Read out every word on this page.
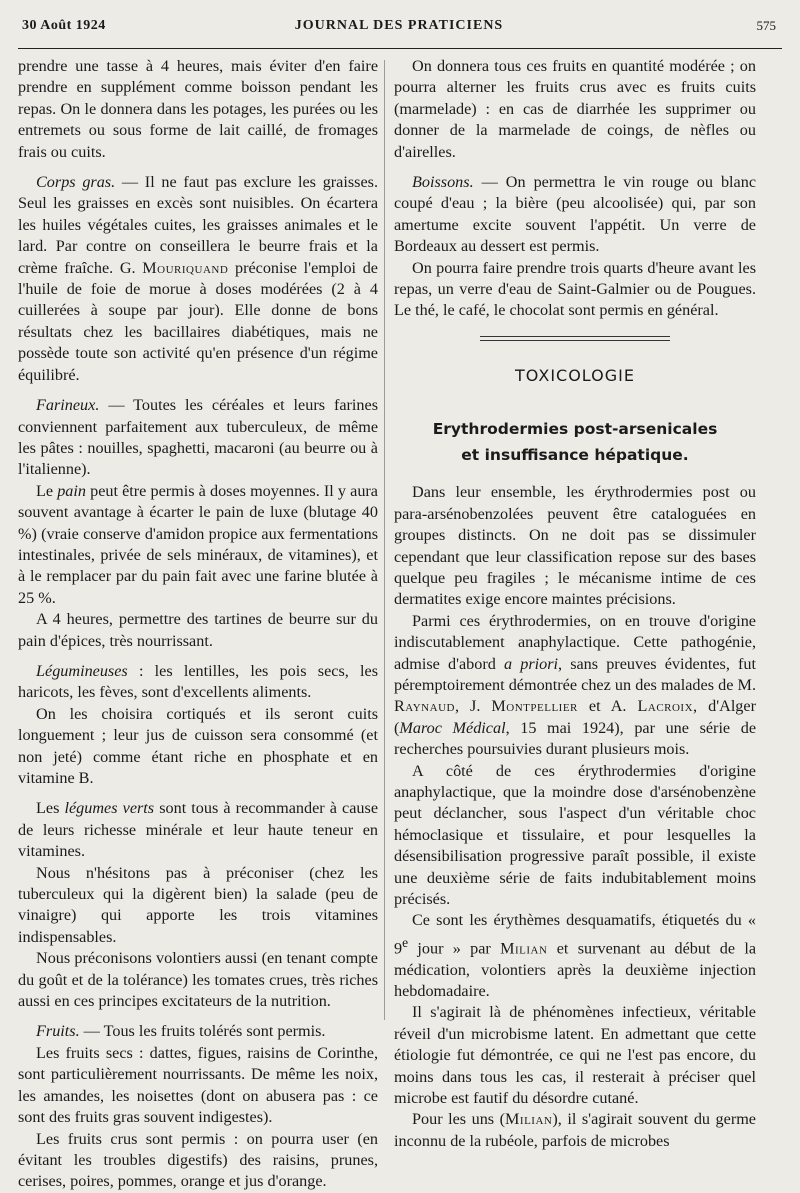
30 Août 1924	JOURNAL DES PRATICIENS	575

prendre une tasse à 4 heures, mais éviter d'en faire prendre en supplément comme boisson pendant les repas. On le donnera dans les potages, les purées ou les entremets ou sous forme de lait caillé, de fromages frais ou cuits.

Corps gras. — Il ne faut pas exclure les graisses. Seul les graisses en excès sont nuisibles. On écartera les huiles végétales cuites, les graisses animales et le lard. Par contre on conseillera le beurre frais et la crème fraîche. G. Mouriquand préconise l'emploi de l'huile de foie de morue à doses modérées (2 à 4 cuillerées à soupe par jour). Elle donne de bons résultats chez les bacillaires diabétiques, mais ne possède toute son activité qu'en présence d'un régime équilibré.

Farineux. — Toutes les céréales et leurs farines conviennent parfaitement aux tuberculeux, de même les pâtes : nouilles, spaghetti, macaroni (au beurre ou à l'italienne).

Le pain peut être permis à doses moyennes. Il y aura souvent avantage à écarter le pain de luxe (blutage 40 %) (vraie conserve d'amidon propice aux fermentations intestinales, privée de sels minéraux, de vitamines), et à le remplacer par du pain fait avec une farine blutée à 25 %.

A 4 heures, permettre des tartines de beurre sur du pain d'épices, très nourrissant.

Légumineuses : les lentilles, les pois secs, les haricots, les fèves, sont d'excellents aliments.

On les choisira cortiqués et ils seront cuits longuement ; leur jus de cuisson sera consommé (et non jeté) comme étant riche en phosphate et en vitamine B.

Les légumes verts sont tous à recommander à cause de leurs richesse minérale et leur haute teneur en vitamines.

Nous n'hésitons pas à préconiser (chez les tuberculeux qui la digèrent bien) la salade (peu de vinaigre) qui apporte les trois vitamines indispensables.

Nous préconisons volontiers aussi (en tenant compte du goût et de la tolérance) les tomates crues, très riches aussi en ces principes excitateurs de la nutrition.

Fruits. — Tous les fruits tolérés sont permis.

Les fruits secs : dattes, figues, raisins de Corinthe, sont particulièrement nourrissants. De même les noix, les amandes, les noisettes (dont on abusera pas : ce sont des fruits gras souvent indigestes).

Les fruits crus sont permis : on pourra user (en évitant les troubles digestifs) des raisins, prunes, cerises, poires, pommes, orange et jus d'orange.

On donnera tous ces fruits en quantité modérée ; on pourra alterner les fruits crus avec es fruits cuits (marmelade) : en cas de diarrhée les supprimer ou donner de la marmelade de coings, de nèfles ou d'airelles.

Boissons. — On permettra le vin rouge ou blanc coupé d'eau ; la bière (peu alcoolisée) qui, par son amertume excite souvent l'appétit. Un verre de Bordeaux au dessert est permis.

On pourra faire prendre trois quarts d'heure avant les repas, un verre d'eau de Saint-Galmier ou de Pougues. Le thé, le café, le chocolat sont permis en général.

TOXICOLOGIE
Erythrodermies post-arsenicales
et insuffisance hépatique.

Dans leur ensemble, les érythrodermies post ou para-arsénobenzolées peuvent être cataloguées en groupes distincts. On ne doit pas se dissimuler cependant que leur classification repose sur des bases quelque peu fragiles ; le mécanisme intime de ces dermatites exige encore maintes précisions.

Parmi ces érythrodermies, on en trouve d'origine indiscutablement anaphylactique. Cette pathogénie, admise d'abord a priori, sans preuves évidentes, fut péremptoirement démontrée chez un des malades de M. Raynaud, J. Montpellier et A. Lacroix, d'Alger (Maroc Médical, 15 mai 1924), par une série de recherches poursuivies durant plusieurs mois.

A côté de ces érythrodermies d'origine anaphylactique, que la moindre dose d'arsénobenzène peut déclancher, sous l'aspect d'un véritable choc hémoclasique et tissulaire, et pour lesquelles la désensibilisation progressive paraît possible, il existe une deuxième série de faits indubitablement moins précisés.

Ce sont les érythèmes desquamatifs, étiquetés du « 9e jour » par Milian et survenant au début de la médication, volontiers après la deuxième injection hebdomadaire.

Il s'agirait là de phénomènes infectieux, véritable réveil d'un microbisme latent. En admettant que cette étiologie fut démontrée, ce qui ne l'est pas encore, du moins dans tous les cas, il resterait à préciser quel microbe est fautif du désordre cutané.

Pour les uns (Milian), il s'agirait souvent du germe inconnu de la rubéole, parfois de microbes
